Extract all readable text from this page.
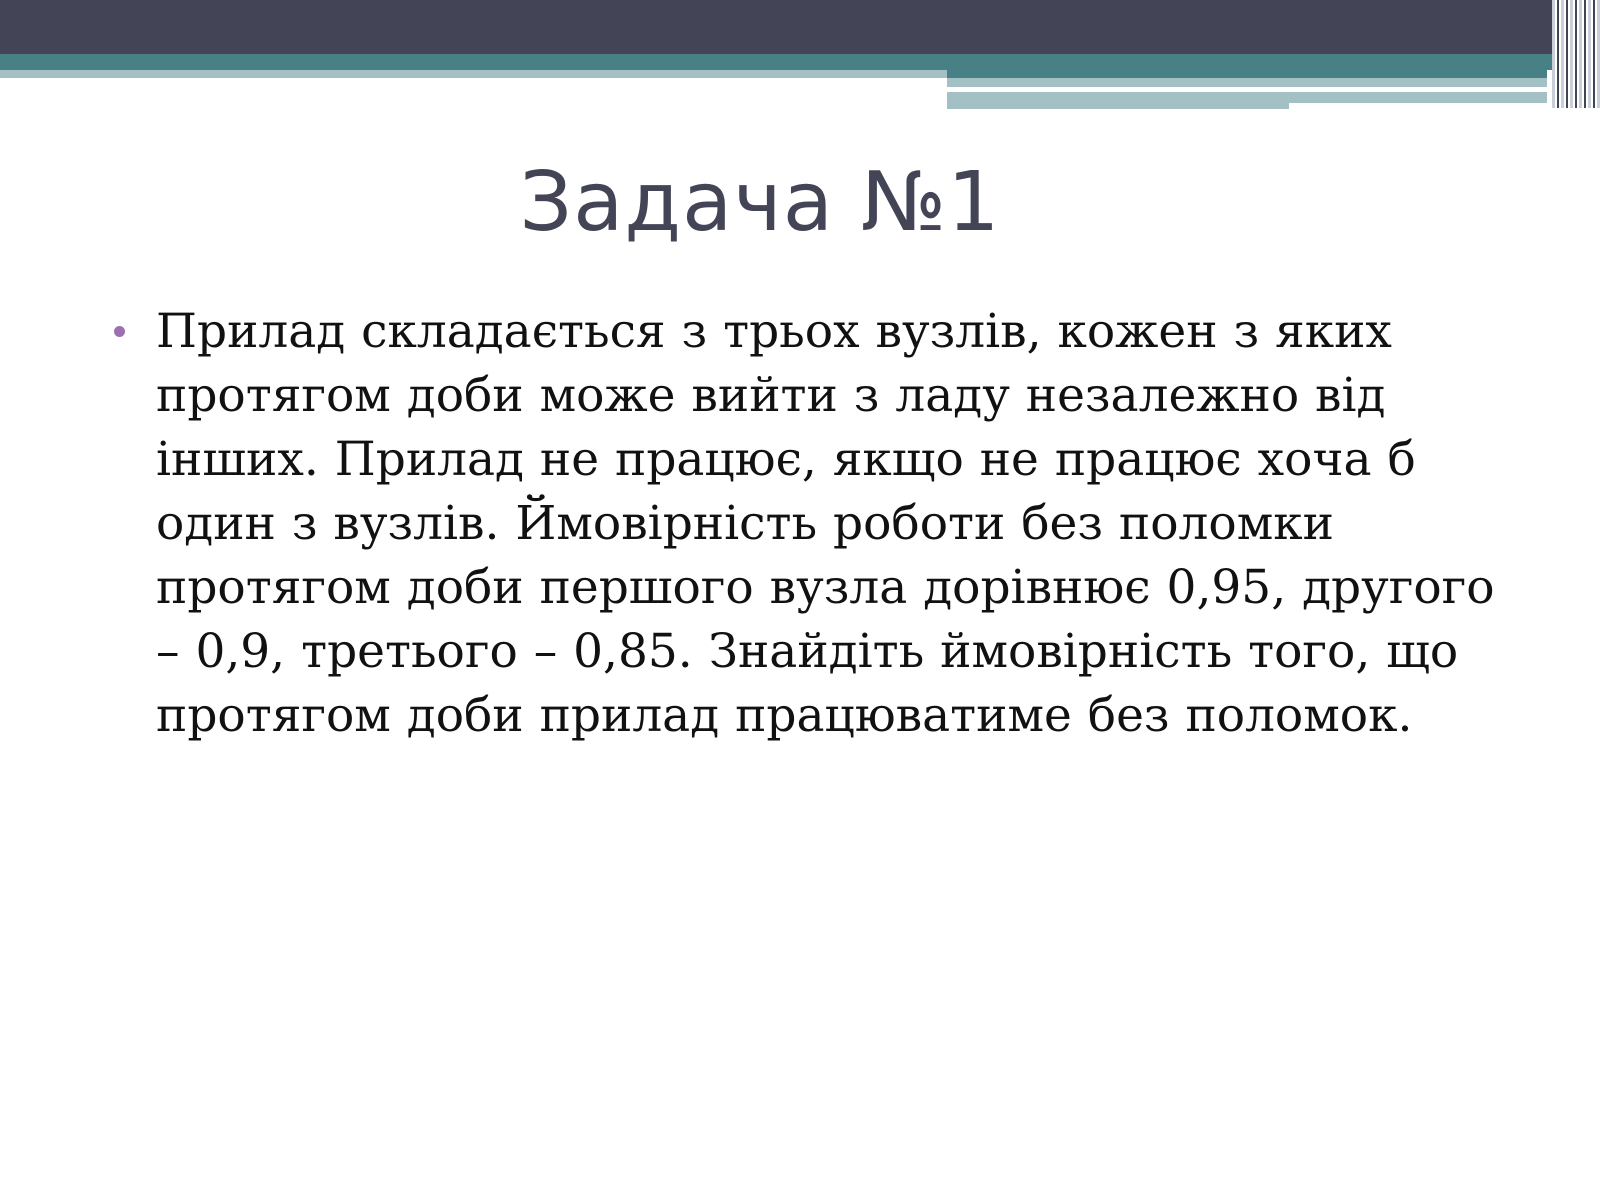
Задача №1
Прилад складається з трьох вузлів, кожен з яких протягом доби може вийти з ладу незалежно від інших. Прилад не працює, якщо не працює хоча б один з вузлів. Ймовірність роботи без поломки протягом доби першого вузла дорівнює 0,95, другого – 0,9, третього – 0,85. Знайдіть ймовірність того, що протягом доби прилад працюватиме без поломок.
